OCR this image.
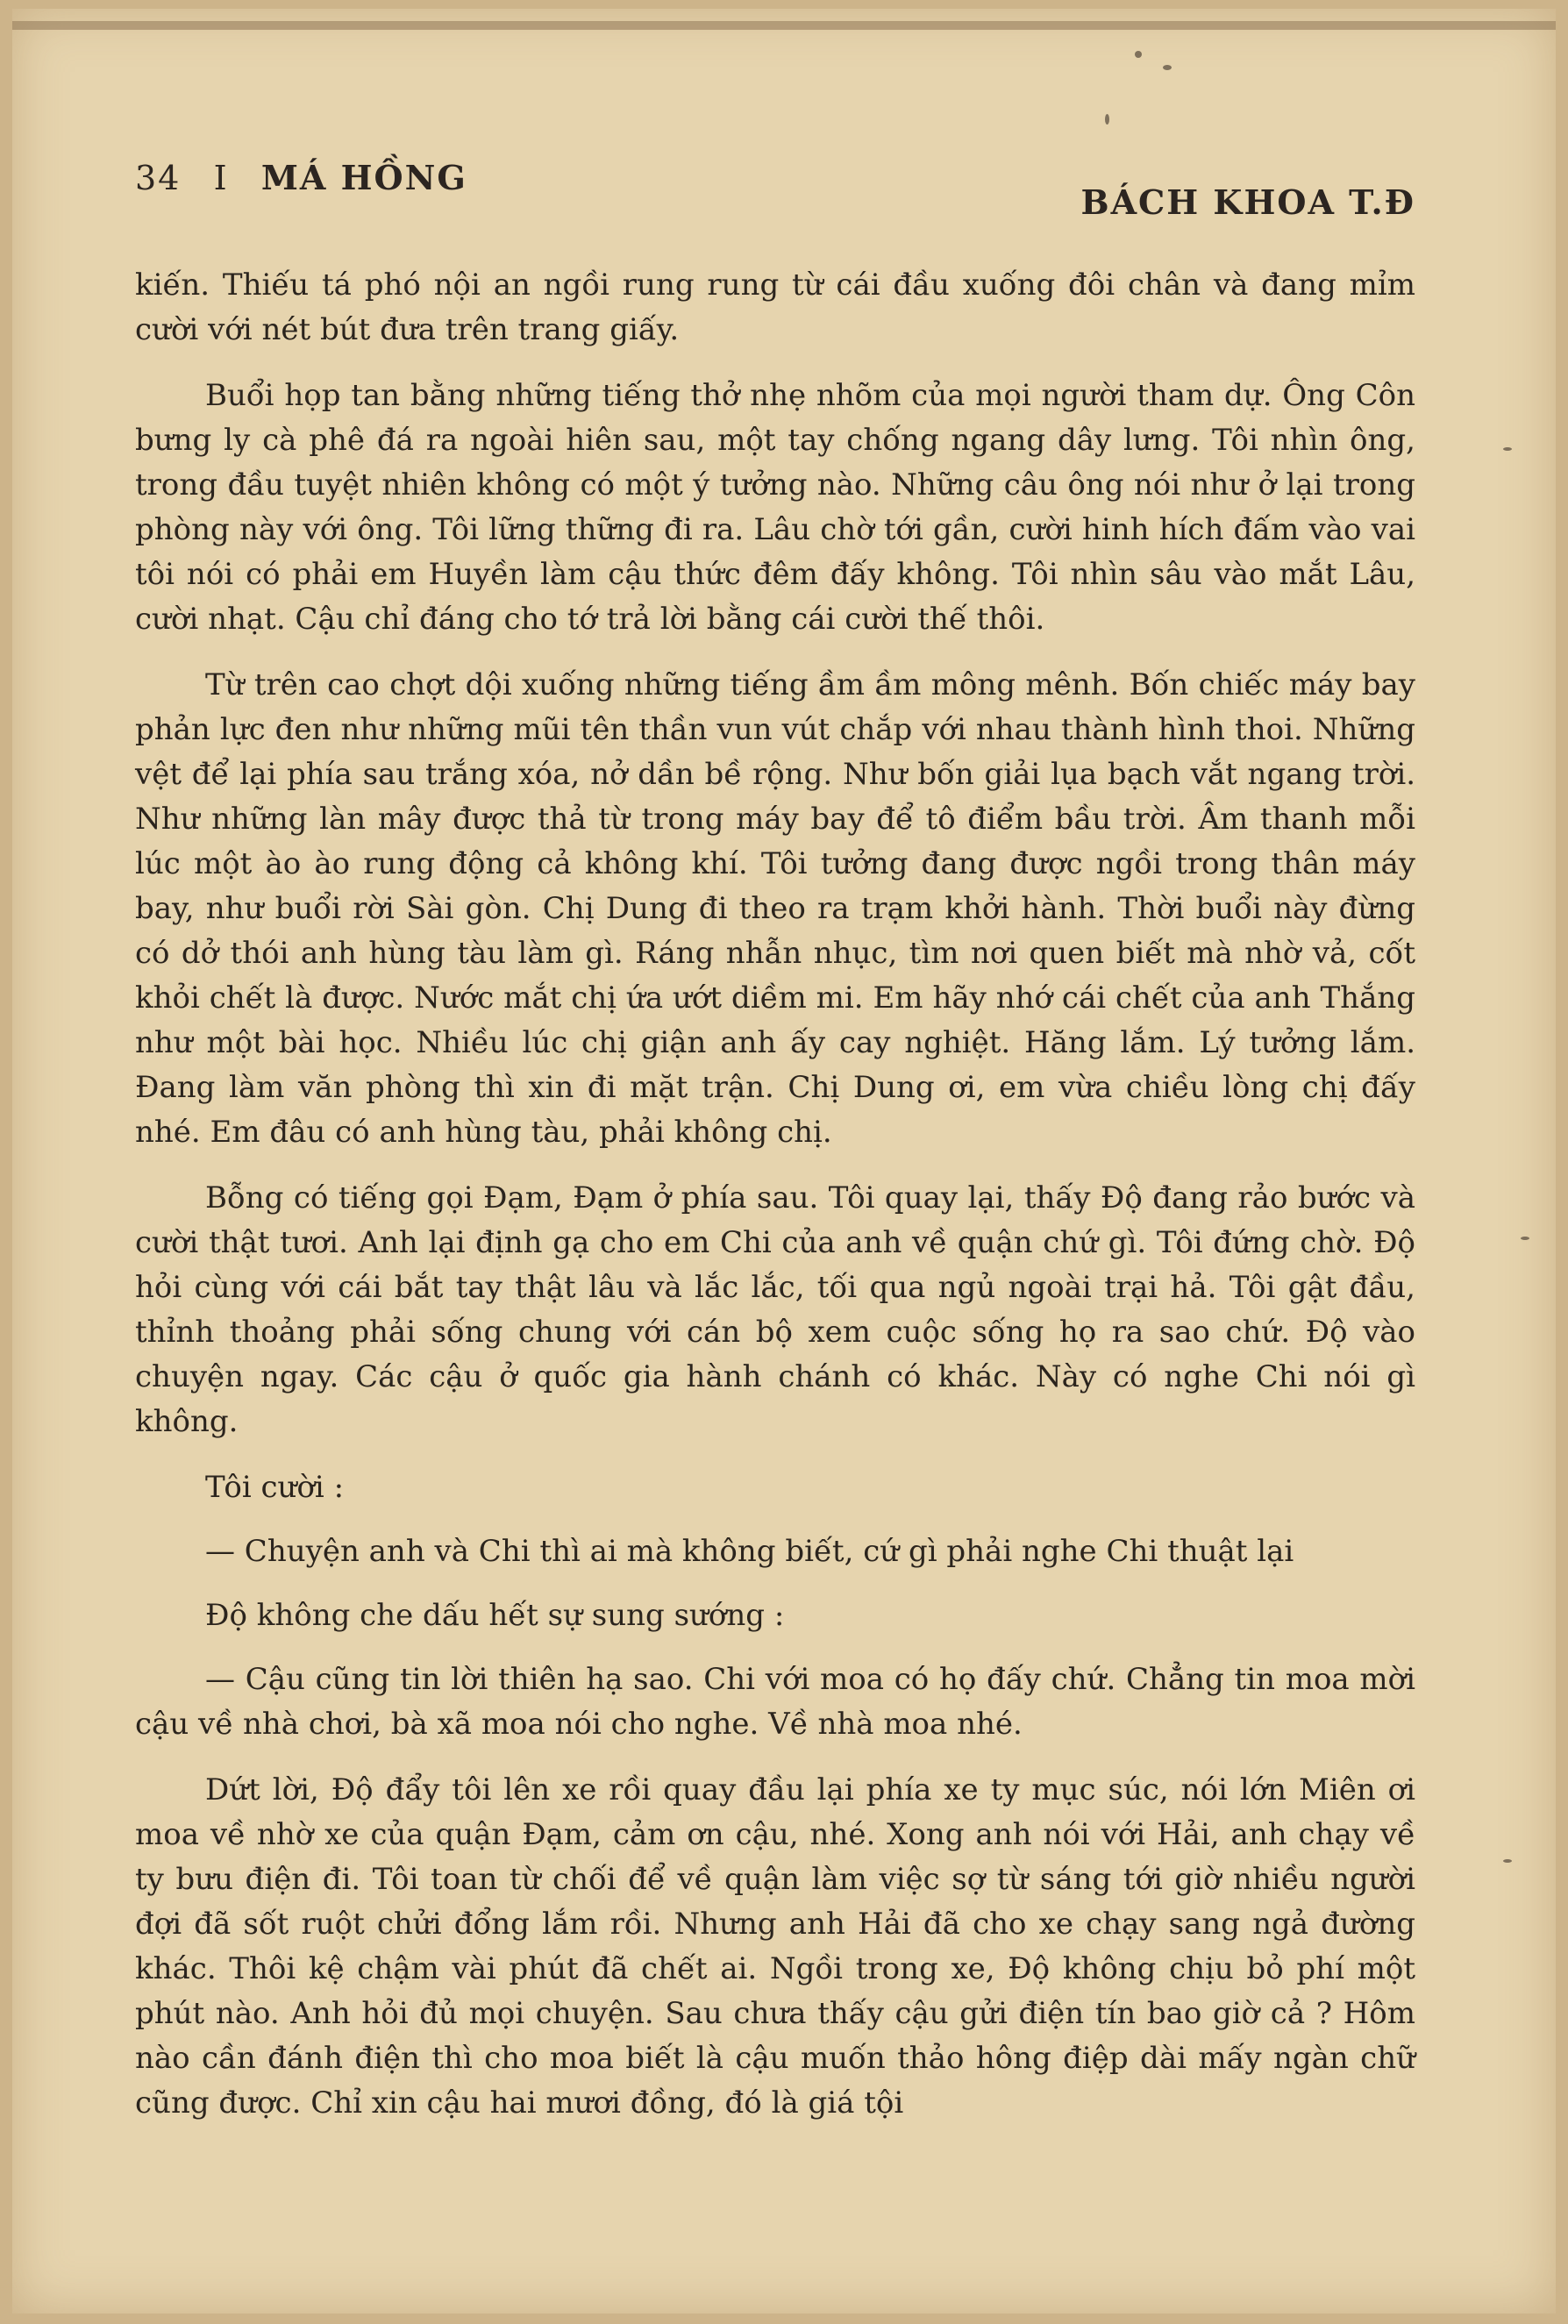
34 I MÁ HỒNG
BÁCH KHOA T.Đ

kiến. Thiếu tá phó nội an ngồi rung rung từ cái đầu xuống đôi chân và đang mỉm cười với nét bút đưa trên trang giấy.

Buổi họp tan bằng những tiếng thở nhẹ nhõm của mọi người tham dự. Ông Côn bưng ly cà phê đá ra ngoài hiên sau, một tay chống ngang dây lưng. Tôi nhìn ông, trong đầu tuyệt nhiên không có một ý tưởng nào. Những câu ông nói như ở lại trong phòng này với ông. Tôi lững thững đi ra. Lâu chờ tới gần, cười hinh hích đấm vào vai tôi nói có phải em Huyền làm cậu thức đêm đấy không. Tôi nhìn sâu vào mắt Lâu, cười nhạt. Cậu chỉ đáng cho tớ trả lời bằng cái cười thế thôi.

Từ trên cao chợt dội xuống những tiếng ầm ầm mông mênh. Bốn chiếc máy bay phản lực đen như những mũi tên thần vun vút chắp với nhau thành hình thoi. Những vệt để lại phía sau trắng xóa, nở dần bề rộng. Như bốn giải lụa bạch vắt ngang trời. Như những làn mây được thả từ trong máy bay để tô điểm bầu trời. Âm thanh mỗi lúc một ào ào rung động cả không khí. Tôi tưởng đang được ngồi trong thân máy bay, như buổi rời Sài gòn. Chị Dung đi theo ra trạm khởi hành. Thời buổi này đừng có dở thói anh hùng tàu làm gì. Ráng nhẫn nhục, tìm nơi quen biết mà nhờ vả, cốt khỏi chết là được. Nước mắt chị ứa ướt diềm mi. Em hãy nhớ cái chết của anh Thắng như một bài học. Nhiều lúc chị giận anh ấy cay nghiệt. Hăng lắm. Lý tưởng lắm. Đang làm văn phòng thì xin đi mặt trận. Chị Dung ơi, em vừa chiều lòng chị đấy nhé. Em đâu có anh hùng tàu, phải không chị.

Bỗng có tiếng gọi Đạm, Đạm ở phía sau. Tôi quay lại, thấy Độ đang rảo bước và cười thật tươi. Anh lại định gạ cho em Chi của anh về quận chứ gì. Tôi đứng chờ. Độ hỏi cùng với cái bắt tay thật lâu và lắc lắc, tối qua ngủ ngoài trại hả. Tôi gật đầu, thỉnh thoảng phải sống chung với cán bộ xem cuộc sống họ ra sao chứ. Độ vào chuyện ngay. Các cậu ở quốc gia hành chánh có khác. Này có nghe Chi nói gì không.

Tôi cười :

— Chuyện anh và Chi thì ai mà không biết, cứ gì phải nghe Chi thuật lại

Độ không che dấu hết sự sung sướng :

— Cậu cũng tin lời thiên hạ sao. Chi với moa có họ đấy chứ. Chẳng tin moa mời cậu về nhà chơi, bà xã moa nói cho nghe. Về nhà moa nhé.

Dứt lời, Độ đẩy tôi lên xe rồi quay đầu lại phía xe ty mục súc, nói lớn Miên ơi moa về nhờ xe của quận Đạm, cảm ơn cậu, nhé. Xong anh nói với Hải, anh chạy về ty bưu điện đi. Tôi toan từ chối để về quận làm việc sợ từ sáng tới giờ nhiều người đợi đã sốt ruột chửi đổng lắm rồi. Nhưng anh Hải đã cho xe chạy sang ngả đường khác. Thôi kệ chậm vài phút đã chết ai. Ngồi trong xe, Độ không chịu bỏ phí một phút nào. Anh hỏi đủ mọi chuyện. Sau chưa thấy cậu gửi điện tín bao giờ cả ? Hôm nào cần đánh điện thì cho moa biết là cậu muốn thảo hông điệp dài mấy ngàn chữ cũng được. Chỉ xin cậu hai mươi đồng, đó là giá tội
